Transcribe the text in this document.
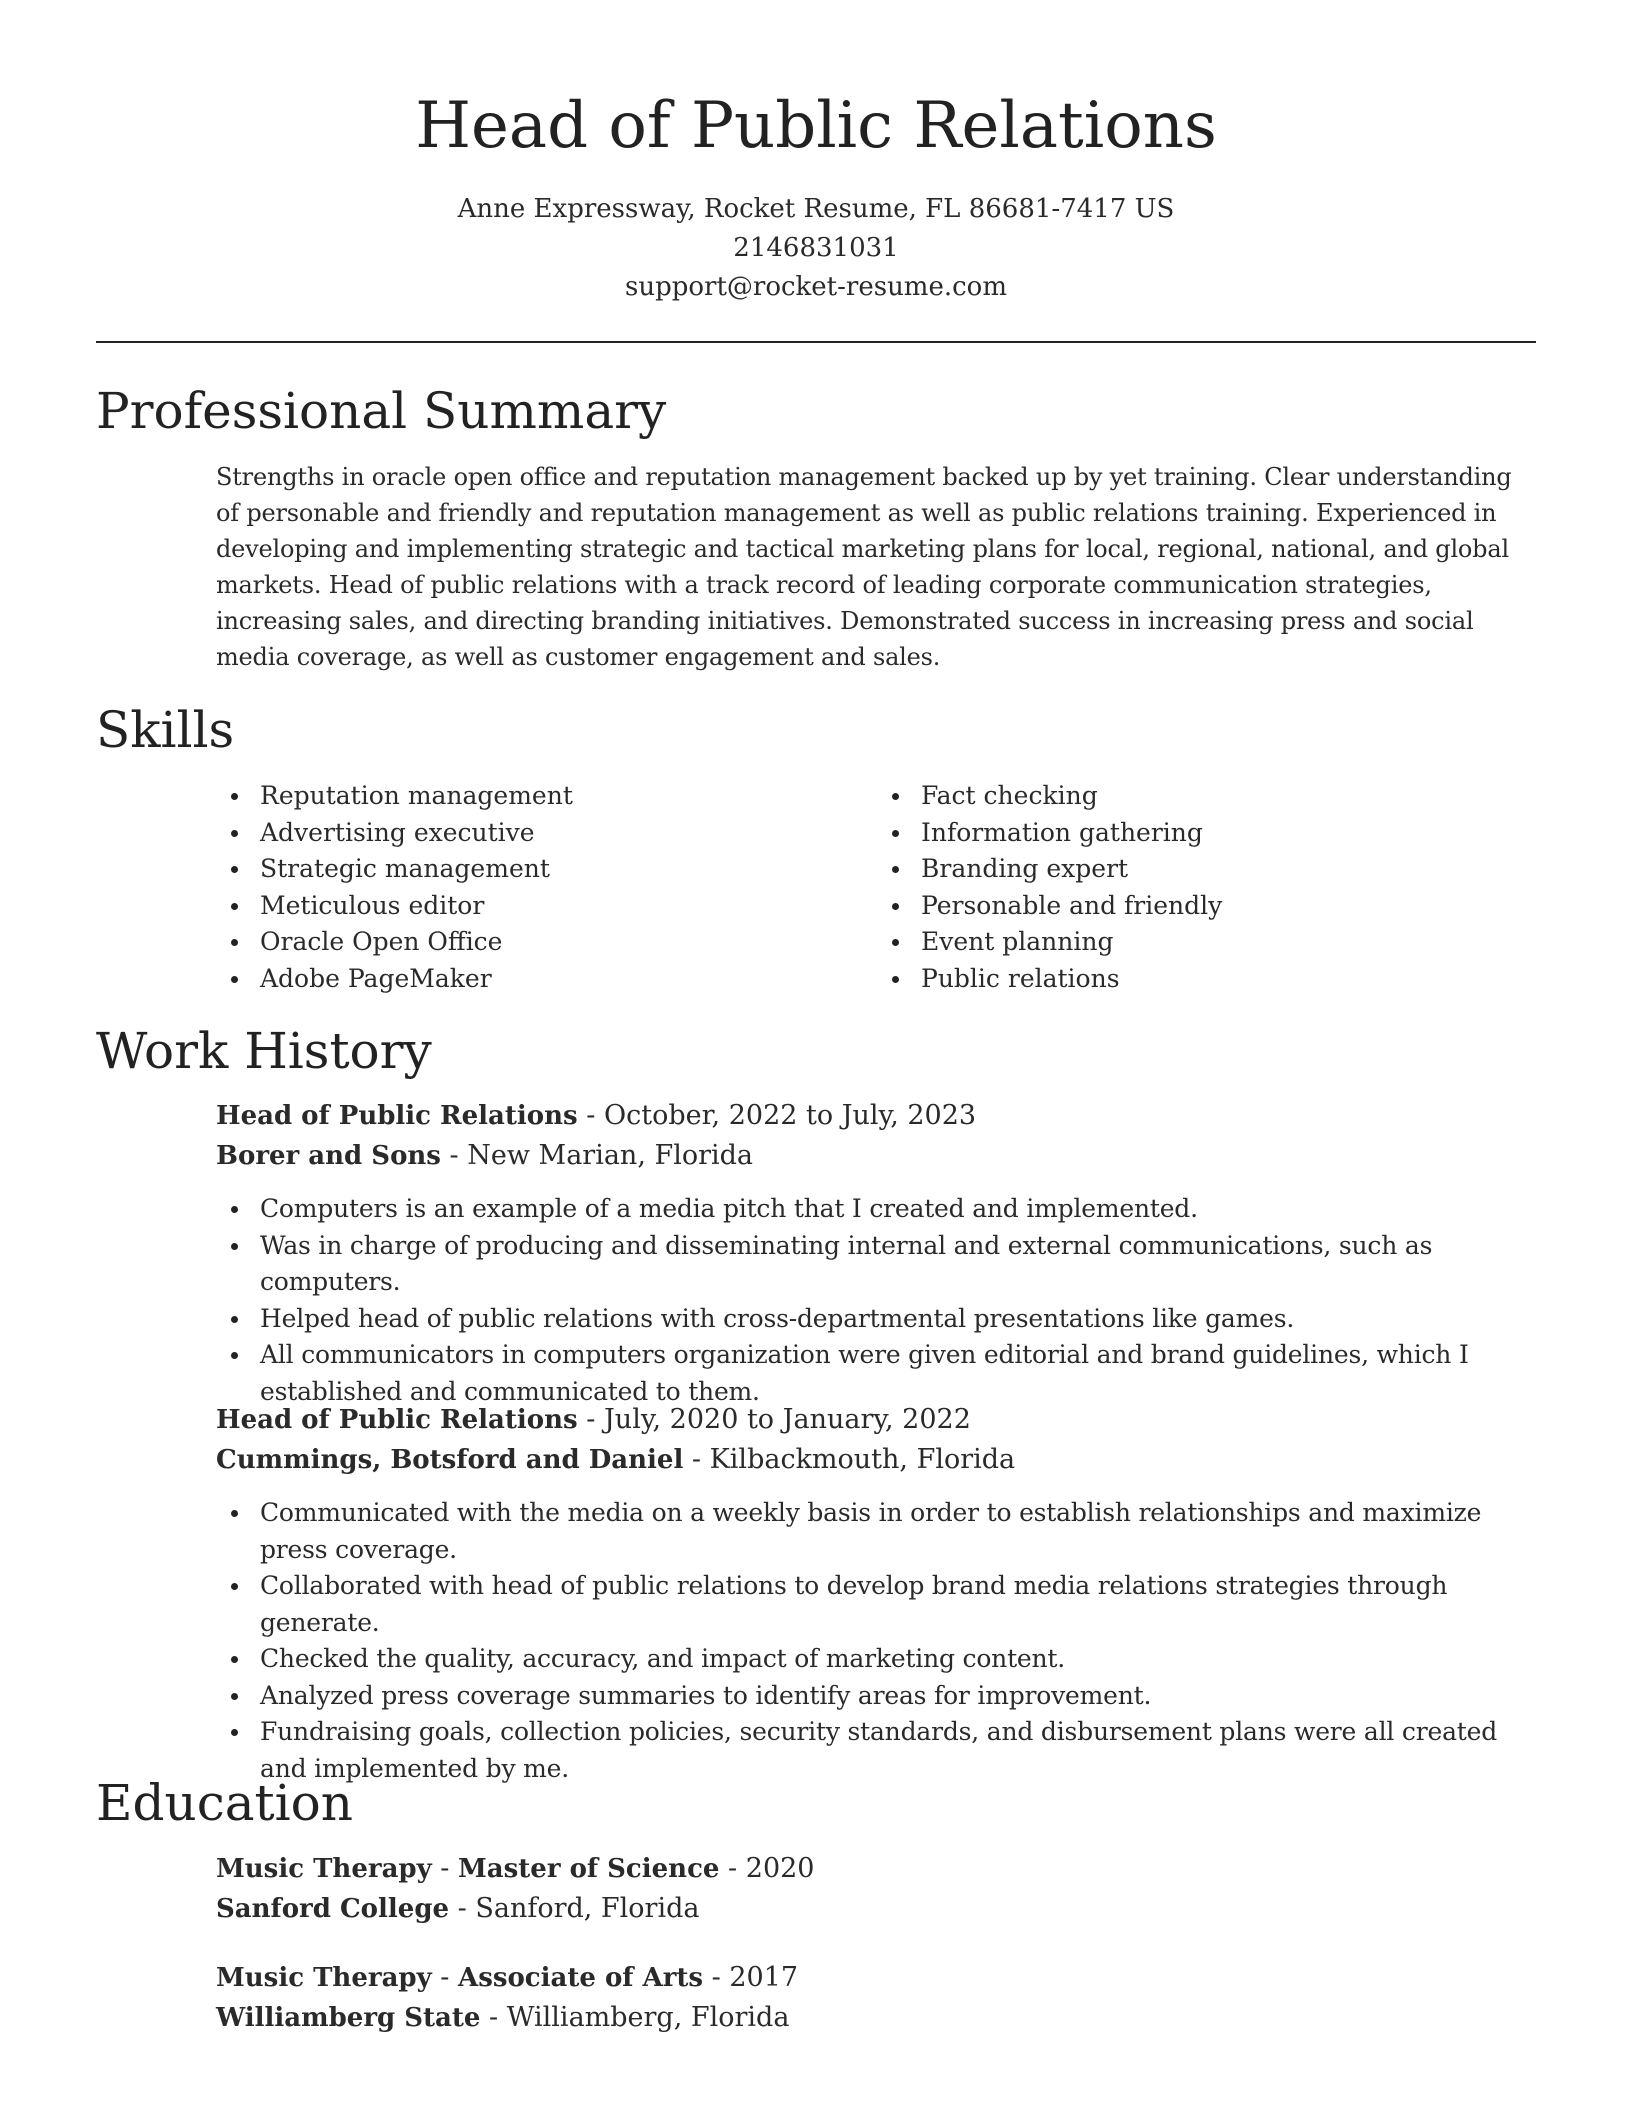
Head of Public Relations
Anne Expressway, Rocket Resume, FL 86681-7417 US
2146831031
support@rocket-resume.com
Professional Summary
Strengths in oracle open office and reputation management backed up by yet training. Clear understanding of personable and friendly and reputation management as well as public relations training. Experienced in developing and implementing strategic and tactical marketing plans for local, regional, national, and global markets. Head of public relations with a track record of leading corporate communication strategies, increasing sales, and directing branding initiatives. Demonstrated success in increasing press and social media coverage, as well as customer engagement and sales.
Skills
Reputation management
Advertising executive
Strategic management
Meticulous editor
Oracle Open Office
Adobe PageMaker
Fact checking
Information gathering
Branding expert
Personable and friendly
Event planning
Public relations
Work History
Head of Public Relations - October, 2022 to July, 2023
Borer and Sons - New Marian, Florida
Computers is an example of a media pitch that I created and implemented.
Was in charge of producing and disseminating internal and external communications, such as computers.
Helped head of public relations with cross-departmental presentations like games.
All communicators in computers organization were given editorial and brand guidelines, which I established and communicated to them.
Head of Public Relations - July, 2020 to January, 2022
Cummings, Botsford and Daniel - Kilbackmouth, Florida
Communicated with the media on a weekly basis in order to establish relationships and maximize press coverage.
Collaborated with head of public relations to develop brand media relations strategies through generate.
Checked the quality, accuracy, and impact of marketing content.
Analyzed press coverage summaries to identify areas for improvement.
Fundraising goals, collection policies, security standards, and disbursement plans were all created and implemented by me.
Education
Music Therapy - Master of Science - 2020
Sanford College - Sanford, Florida
Music Therapy - Associate of Arts - 2017
Williamberg State - Williamberg, Florida
